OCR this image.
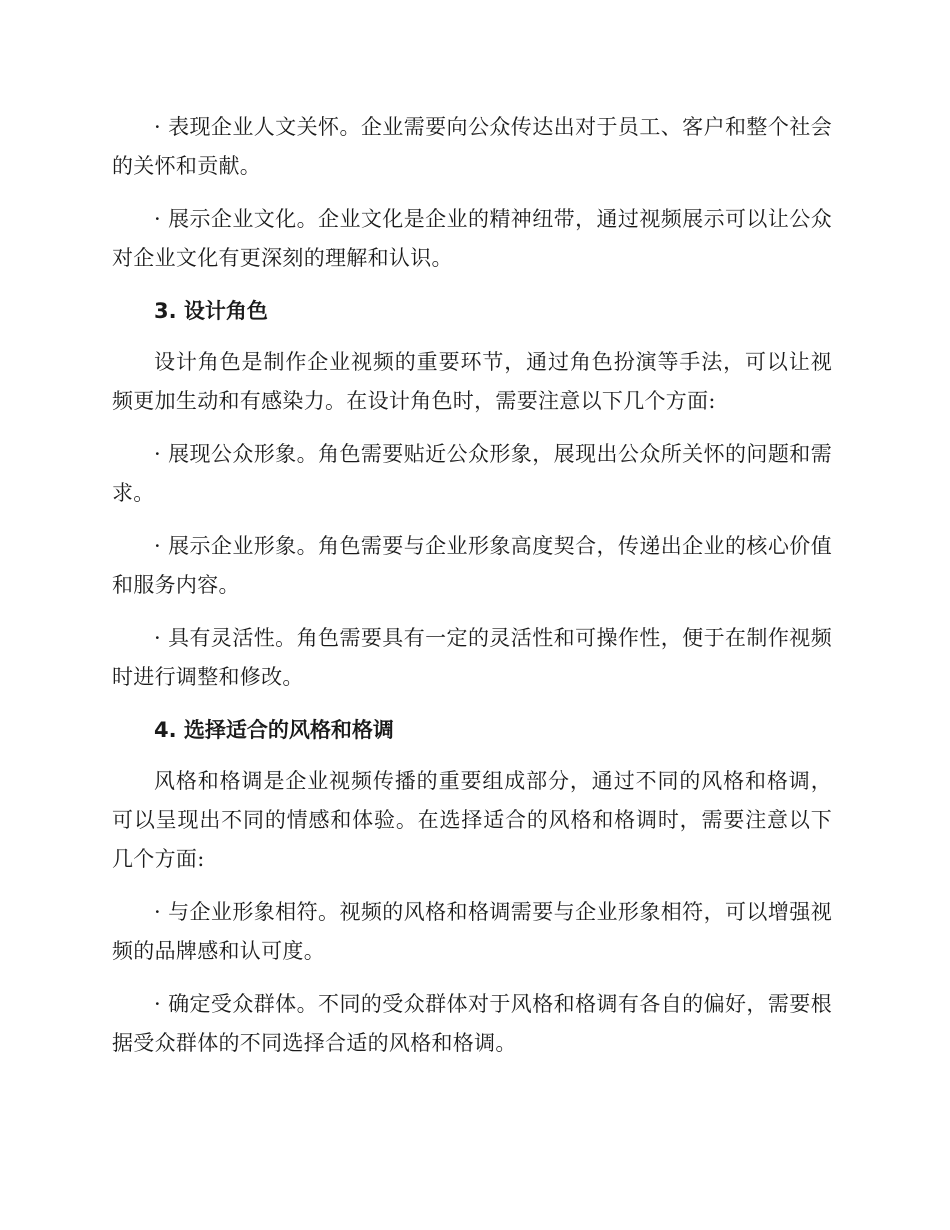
· 表现企业人文关怀。企业需要向公众传达出对于员工、客户和整个社会的关怀和贡献。

· 展示企业文化。企业文化是企业的精神纽带，通过视频展示可以让公众对企业文化有更深刻的理解和认识。

3. 设计角色

设计角色是制作企业视频的重要环节，通过角色扮演等手法，可以让视频更加生动和有感染力。在设计角色时，需要注意以下几个方面:

· 展现公众形象。角色需要贴近公众形象，展现出公众所关怀的问题和需求。

· 展示企业形象。角色需要与企业形象高度契合，传递出企业的核心价值和服务内容。

· 具有灵活性。角色需要具有一定的灵活性和可操作性，便于在制作视频时进行调整和修改。

4. 选择适合的风格和格调

风格和格调是企业视频传播的重要组成部分，通过不同的风格和格调，可以呈现出不同的情感和体验。在选择适合的风格和格调时，需要注意以下几个方面:

· 与企业形象相符。视频的风格和格调需要与企业形象相符，可以增强视频的品牌感和认可度。

· 确定受众群体。不同的受众群体对于风格和格调有各自的偏好，需要根据受众群体的不同选择合适的风格和格调。
